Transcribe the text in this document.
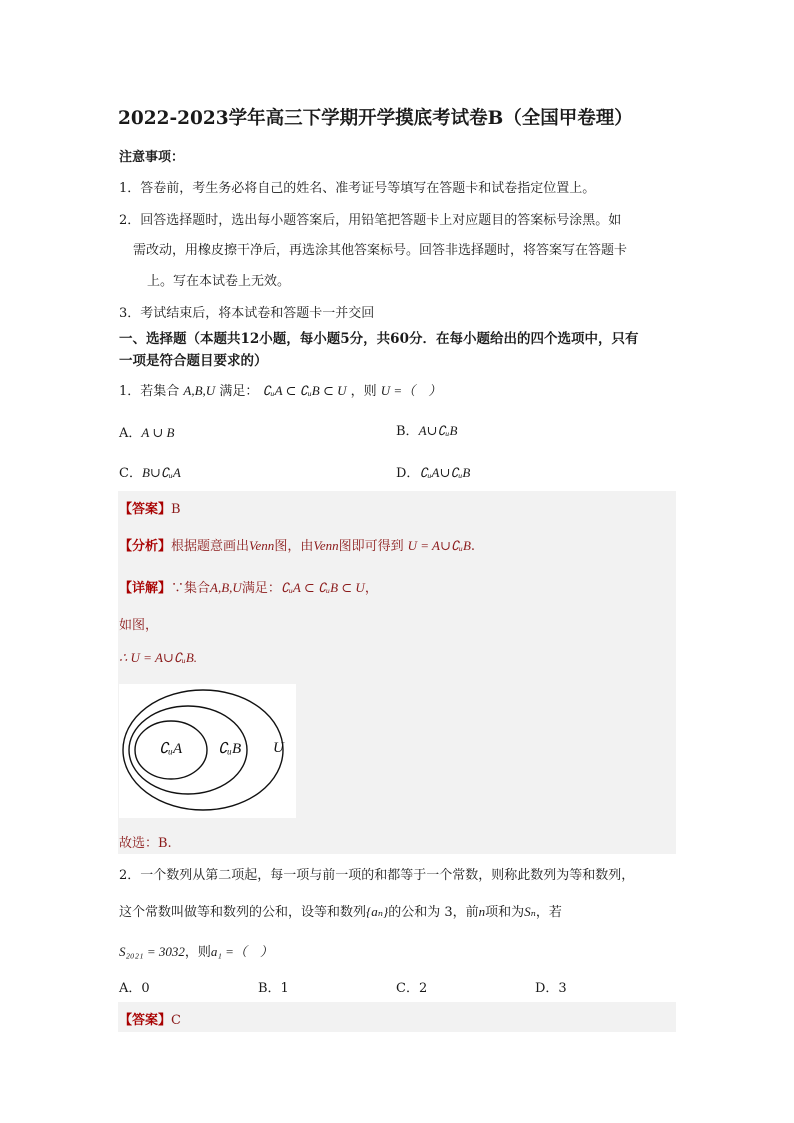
2022-2023学年高三下学期开学摸底考试卷B（全国甲卷理）
注意事项：
1．答卷前，考生务必将自己的姓名、准考证号等填写在答题卡和试卷指定位置上。
2．回答选择题时，选出每小题答案后，用铅笔把答题卡上对应题目的答案标号涂黑。如
需改动，用橡皮擦干净后，再选涂其他答案标号。回答非选择题时，将答案写在答题卡
上。写在本试卷上无效。
3．考试结束后，将本试卷和答题卡一并交回
一、选择题（本题共12小题，每小题5分，共60分．在每小题给出的四个选项中，只有
一项是符合题目要求的）
1．若集合 A,B,U 满足： ∁ᵤA ⊂ ∁ᵤB ⊂ U ，则 U =（　）
A．A ∪ B	B．A∪∁ᵤB
C．B∪∁ᵤA	D．∁ᵤA∪∁ᵤB
【答案】B
【分析】根据题意画出Venn图，由Venn图即可得到 U = A∪∁ᵤB.
【详解】∵集合A,B,U满足：∁ᵤA ⊂ ∁ᵤB ⊂ U，
如图，
∴ U = A∪∁ᵤB.
∁ᵤA ∁ᵤB U
故选：B.
2．一个数列从第二项起，每一项与前一项的和都等于一个常数，则称此数列为等和数列，
这个常数叫做等和数列的公和，设等和数列{aₙ}的公和为 3，前n项和为Sₙ，若
S₂₀₂₁ = 3032，则a₁ =（　）
A．0	B．1	C．2	D．3
【答案】C
